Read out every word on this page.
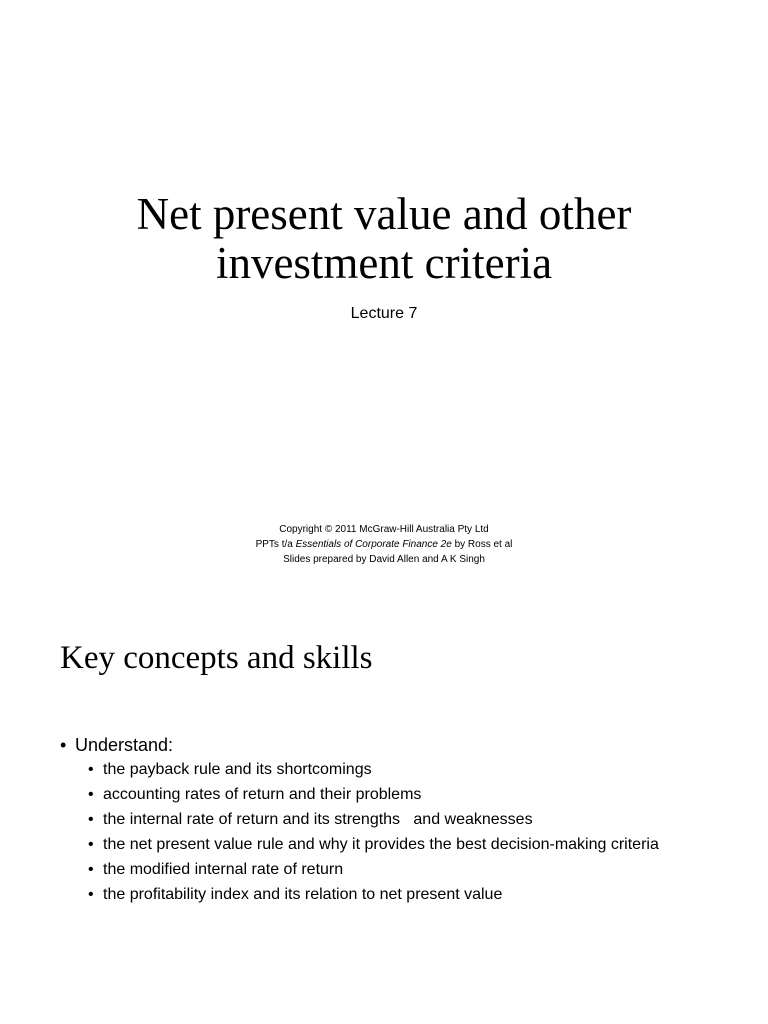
Net present value and other
investment criteria
Lecture 7
Copyright © 2011 McGraw-Hill Australia Pty Ltd
PPTs t/a Essentials of Corporate Finance 2e by Ross et al
Slides prepared by David Allen and A K Singh
Key concepts and skills
• Understand:
• the payback rule and its shortcomings
• accounting rates of return and their problems
• the internal rate of return and its strengths   and weaknesses
• the net present value rule and why it provides the best decision-making criteria
• the modified internal rate of return
• the profitability index and its relation to net present value
